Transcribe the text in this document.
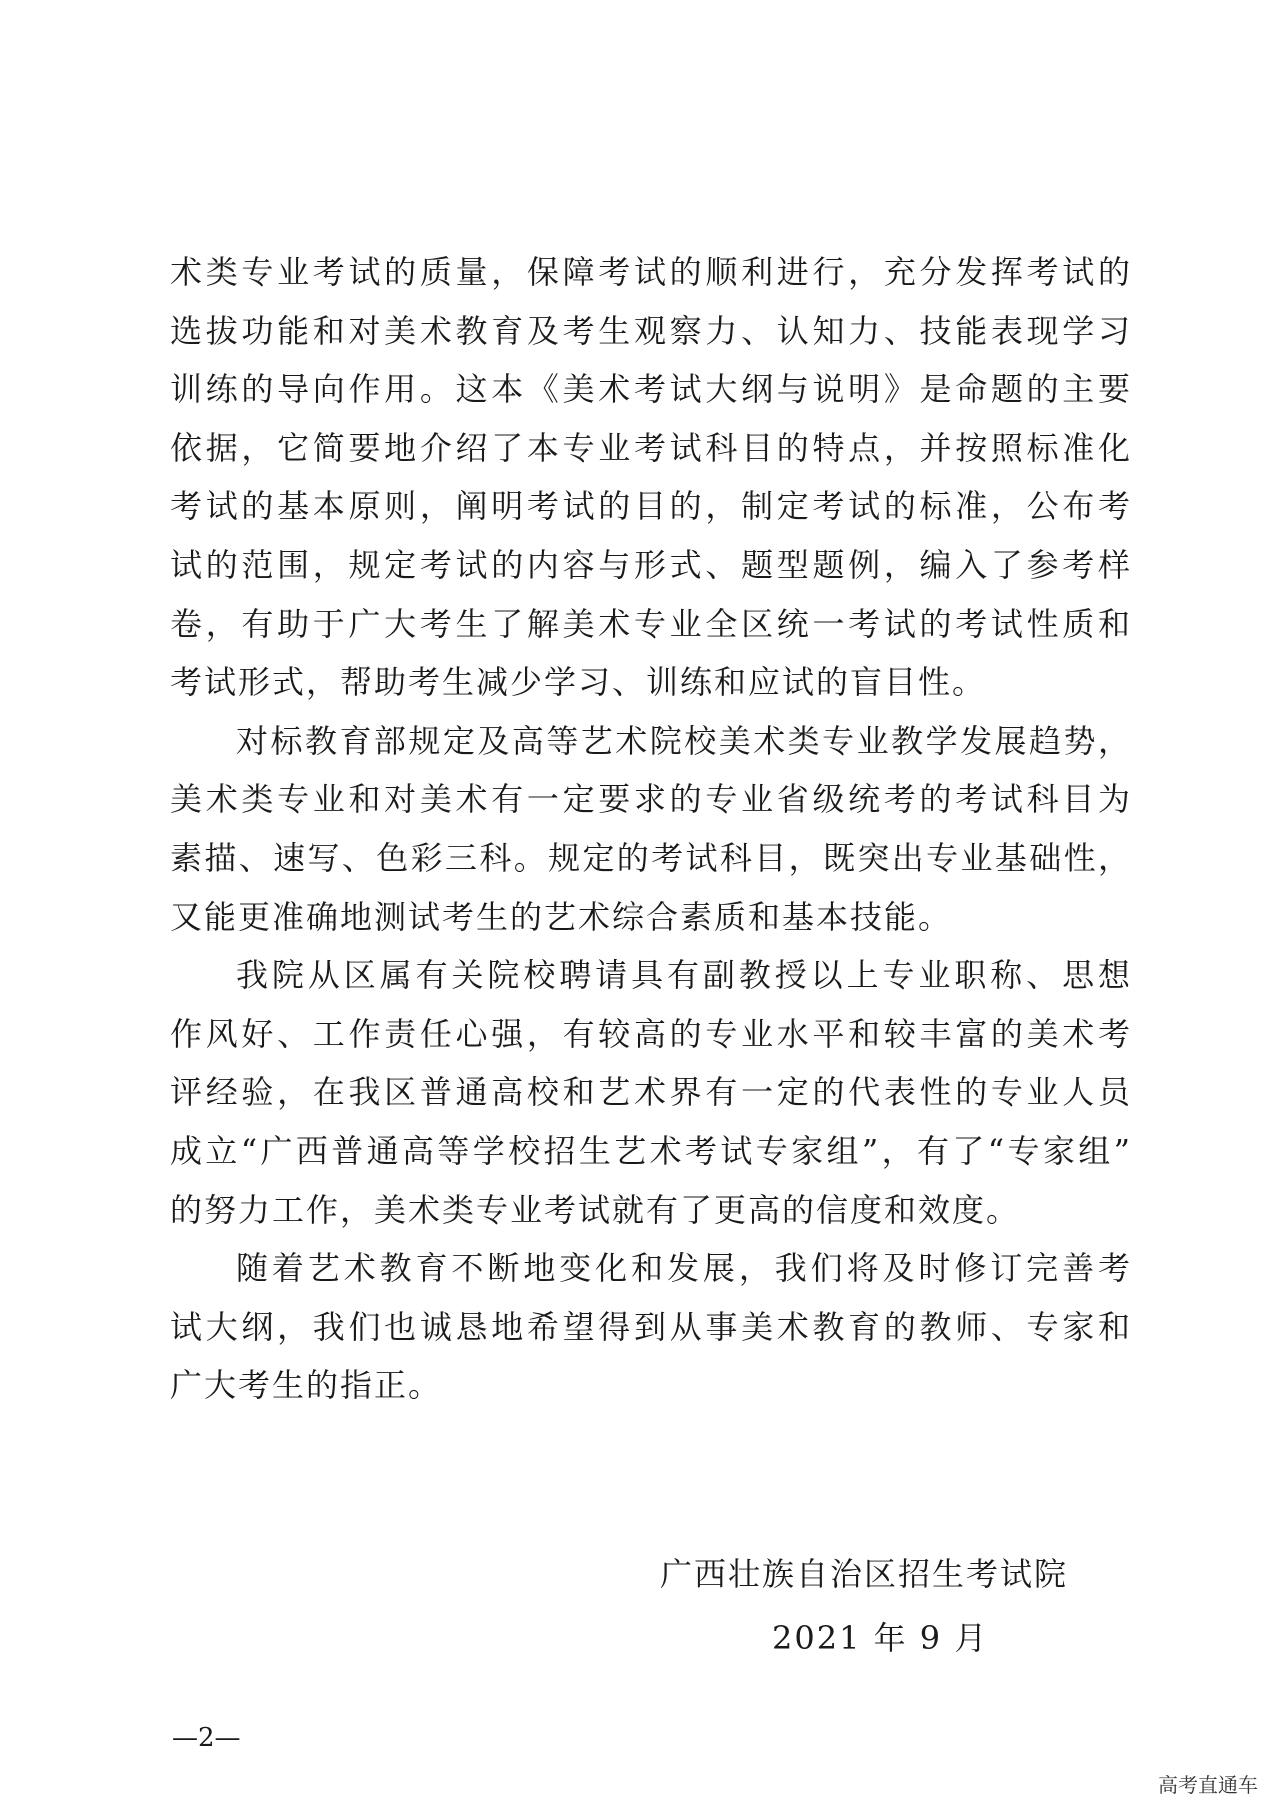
术类专业考试的质量，保障考试的顺利进行，充分发挥考试的
选拔功能和对美术教育及考生观察力、认知力、技能表现学习
训练的导向作用。这本《美术考试大纲与说明》是命题的主要
依据，它简要地介绍了本专业考试科目的特点，并按照标准化
考试的基本原则，阐明考试的目的，制定考试的标准，公布考
试的范围，规定考试的内容与形式、题型题例，编入了参考样
卷，有助于广大考生了解美术专业全区统一考试的考试性质和
考试形式，帮助考生减少学习、训练和应试的盲目性。
对标教育部规定及高等艺术院校美术类专业教学发展趋势，
美术类专业和对美术有一定要求的专业省级统考的考试科目为
素描、速写、色彩三科。规定的考试科目，既突出专业基础性，
又能更准确地测试考生的艺术综合素质和基本技能。
我院从区属有关院校聘请具有副教授以上专业职称、思想
作风好、工作责任心强，有较高的专业水平和较丰富的美术考
评经验，在我区普通高校和艺术界有一定的代表性的专业人员
成立“广西普通高等学校招生艺术考试专家组”，有了“专家组”
的努力工作，美术类专业考试就有了更高的信度和效度。
随着艺术教育不断地变化和发展，我们将及时修订完善考
试大纲，我们也诚恳地希望得到从事美术教育的教师、专家和
广大考生的指正。
广西壮族自治区招生考试院
2021 年 9 月
—2—
高考直通车
